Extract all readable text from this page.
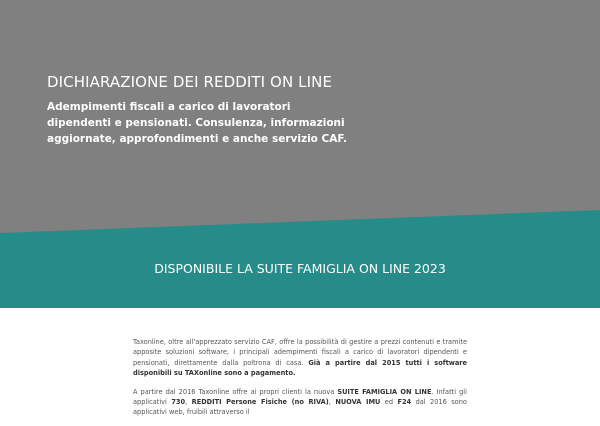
DICHIARAZIONE DEI REDDITI ON LINE

Adempimenti fiscali a carico di lavoratori dipendenti e pensionati. Consulenza, informazioni aggiornate, approfondimenti e anche servizio CAF.

DISPONIBILE LA SUITE FAMIGLIA ON LINE 2023

Taxonline, oltre all'apprezzato servizio CAF, offre la possibilità di gestire a prezzi contenuti e tramite apposite soluzioni software, i principali adempimenti fiscali a carico di lavoratori dipendenti e pensionati, direttamente dalla poltrona di casa. Già a partire dal 2015 tutti i software disponibili su TAXonline sono a pagamento.

A partire dal 2016 Taxonline offre ai propri clienti la nuova SUITE FAMIGLIA ON LINE. Infatti gli applicativi 730, REDDITI Persone Fisiche (no RIVA), NUOVA IMU ed F24 dal 2016 sono applicativi web, fruibili attraverso il
